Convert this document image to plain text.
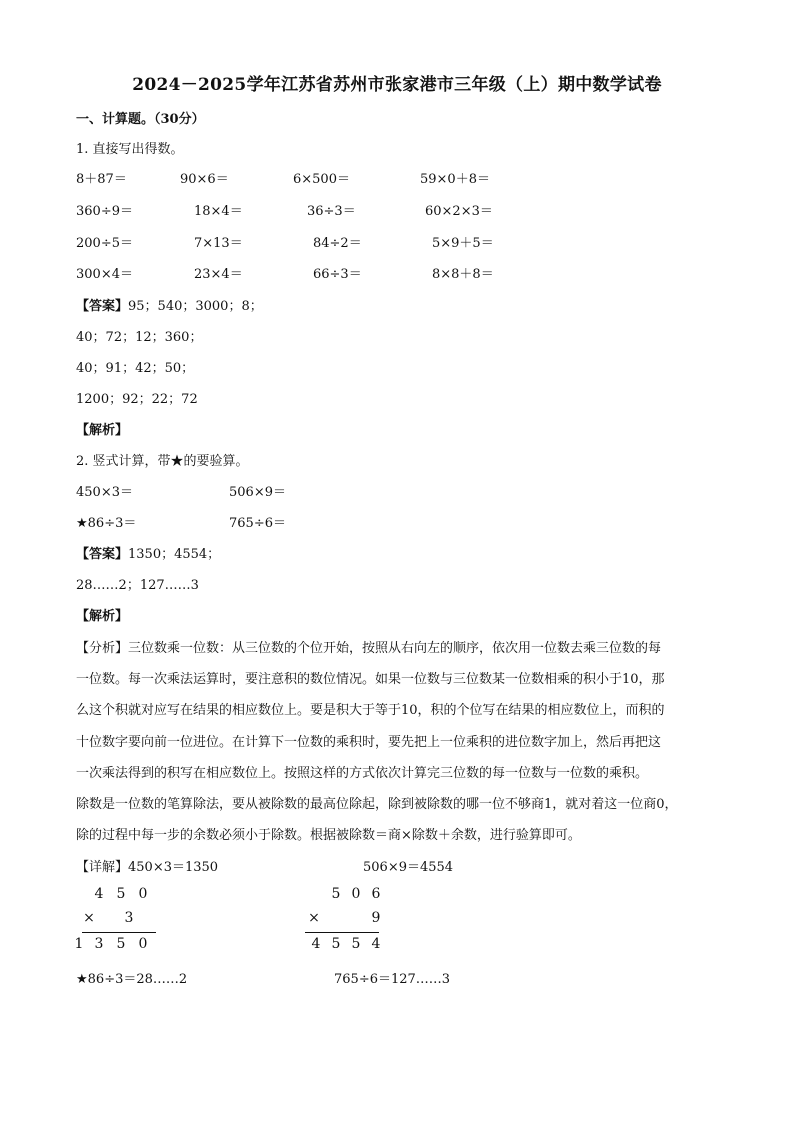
2024－2025学年江苏省苏州市张家港市三年级（上）期中数学试卷
一、计算题。（30分）
1. 直接写出得数。
8＋87＝	90×6＝	6×500＝	59×0＋8＝
360÷9＝	18×4＝	36÷3＝	60×2×3＝
200÷5＝	7×13＝	84÷2＝	5×9＋5＝
300×4＝	23×4＝	66÷3＝	8×8＋8＝
【答案】95；540；3000；8；
40；72；12；360；
40；91；42；50；
1200；92；22；72
【解析】
2. 竖式计算，带★的要验算。
450×3＝	506×9＝
★86÷3＝	765÷6＝
【答案】1350；4554；
28……2；127……3
【解析】
【分析】三位数乘一位数：从三位数的个位开始，按照从右向左的顺序，依次用一位数去乘三位数的每
一位数。每一次乘法运算时，要注意积的数位情况。如果一位数与三位数某一位数相乘的积小于10，那
么这个积就对应写在结果的相应数位上。要是积大于等于10，积的个位写在结果的相应数位上，而积的
十位数字要向前一位进位。在计算下一位数的乘积时，要先把上一位乘积的进位数字加上，然后再把这
一次乘法得到的积写在相应数位上。按照这样的方式依次计算完三位数的每一位数与一位数的乘积。
除数是一位数的笔算除法，要从被除数的最高位除起，除到被除数的哪一位不够商1，就对着这一位商0，
除的过程中每一步的余数必须小于除数。根据被除数＝商×除数＋余数，进行验算即可。
【详解】450×3＝1350	506×9＝4554
4 5 0
×	3
1 3 5 0
5 0 6
×	9
4 5 5 4
★86÷3＝28……2	765÷6＝127……3
